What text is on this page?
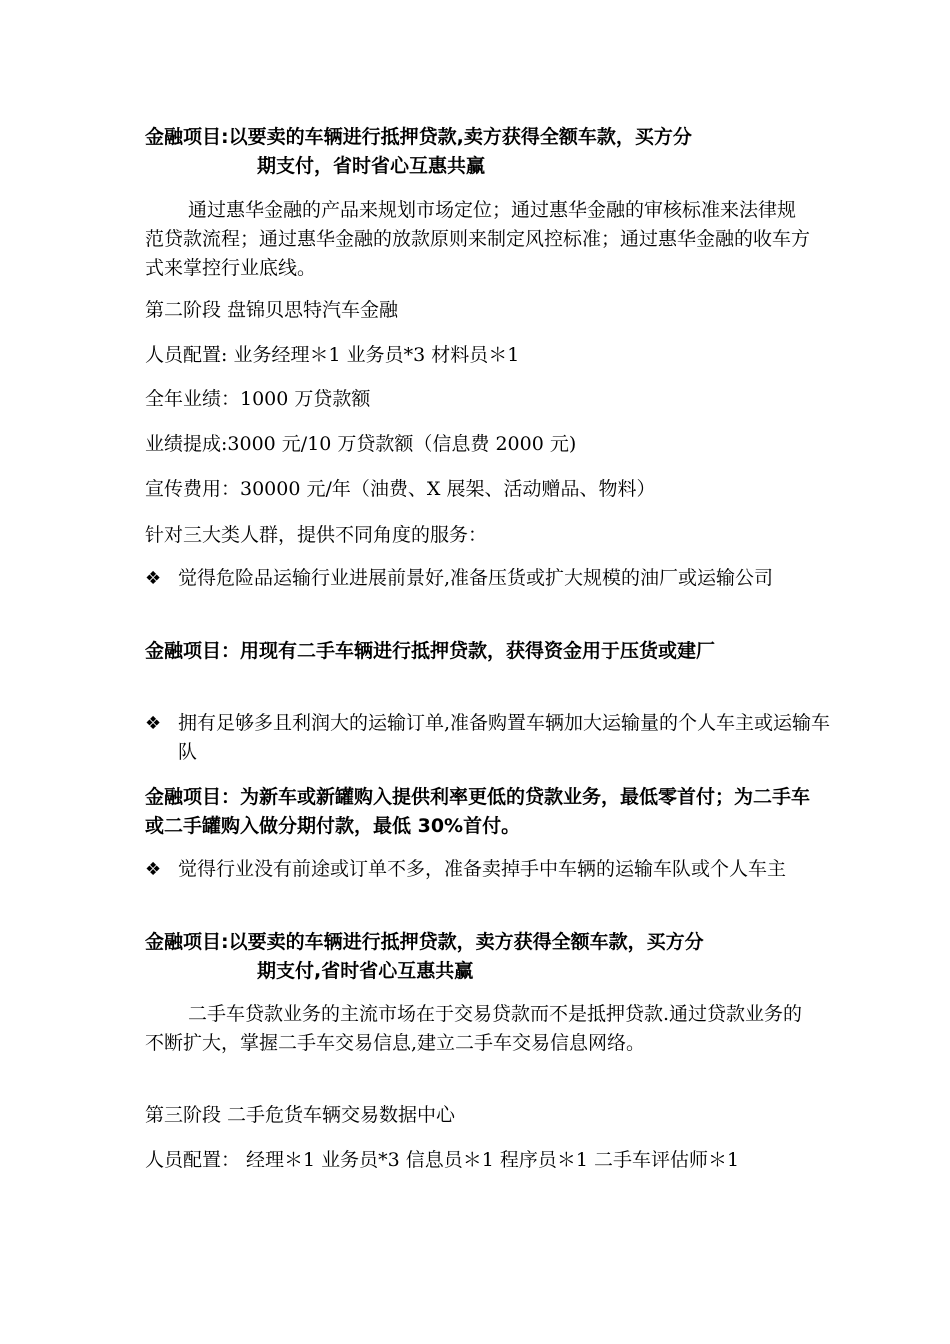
金融项目:以要卖的车辆进行抵押贷款,卖方获得全额车款，买方分
期支付，省时省心互惠共赢

通过惠华金融的产品来规划市场定位；通过惠华金融的审核标准来法律规范贷款流程；通过惠华金融的放款原则来制定风控标准；通过惠华金融的收车方式来掌控行业底线。

第二阶段 盘锦贝思特汽车金融

人员配置: 业务经理＊1 业务员*3 材料员＊1

全年业绩：1000 万贷款额

业绩提成:3000 元/10 万贷款额（信息费 2000 元)

宣传费用：30000 元/年（油费、X 展架、活动赠品、物料）

针对三大类人群，提供不同角度的服务：

❖ 觉得危险品运输行业进展前景好,准备压货或扩大规模的油厂或运输公司

金融项目：用现有二手车辆进行抵押贷款，获得资金用于压货或建厂

❖ 拥有足够多且利润大的运输订单,准备购置车辆加大运输量的个人车主或运输车队

金融项目：为新车或新罐购入提供利率更低的贷款业务，最低零首付；为二手车或二手罐购入做分期付款，最低 30%首付。

❖ 觉得行业没有前途或订单不多，准备卖掉手中车辆的运输车队或个人车主
金融项目:以要卖的车辆进行抵押贷款，卖方获得全额车款，买方分
期支付,省时省心互惠共赢

二手车贷款业务的主流市场在于交易贷款而不是抵押贷款.通过贷款业务的不断扩大，掌握二手车交易信息,建立二手车交易信息网络。

第三阶段 二手危货车辆交易数据中心

人员配置： 经理＊1 业务员*3 信息员＊1 程序员＊1 二手车评估师＊1
